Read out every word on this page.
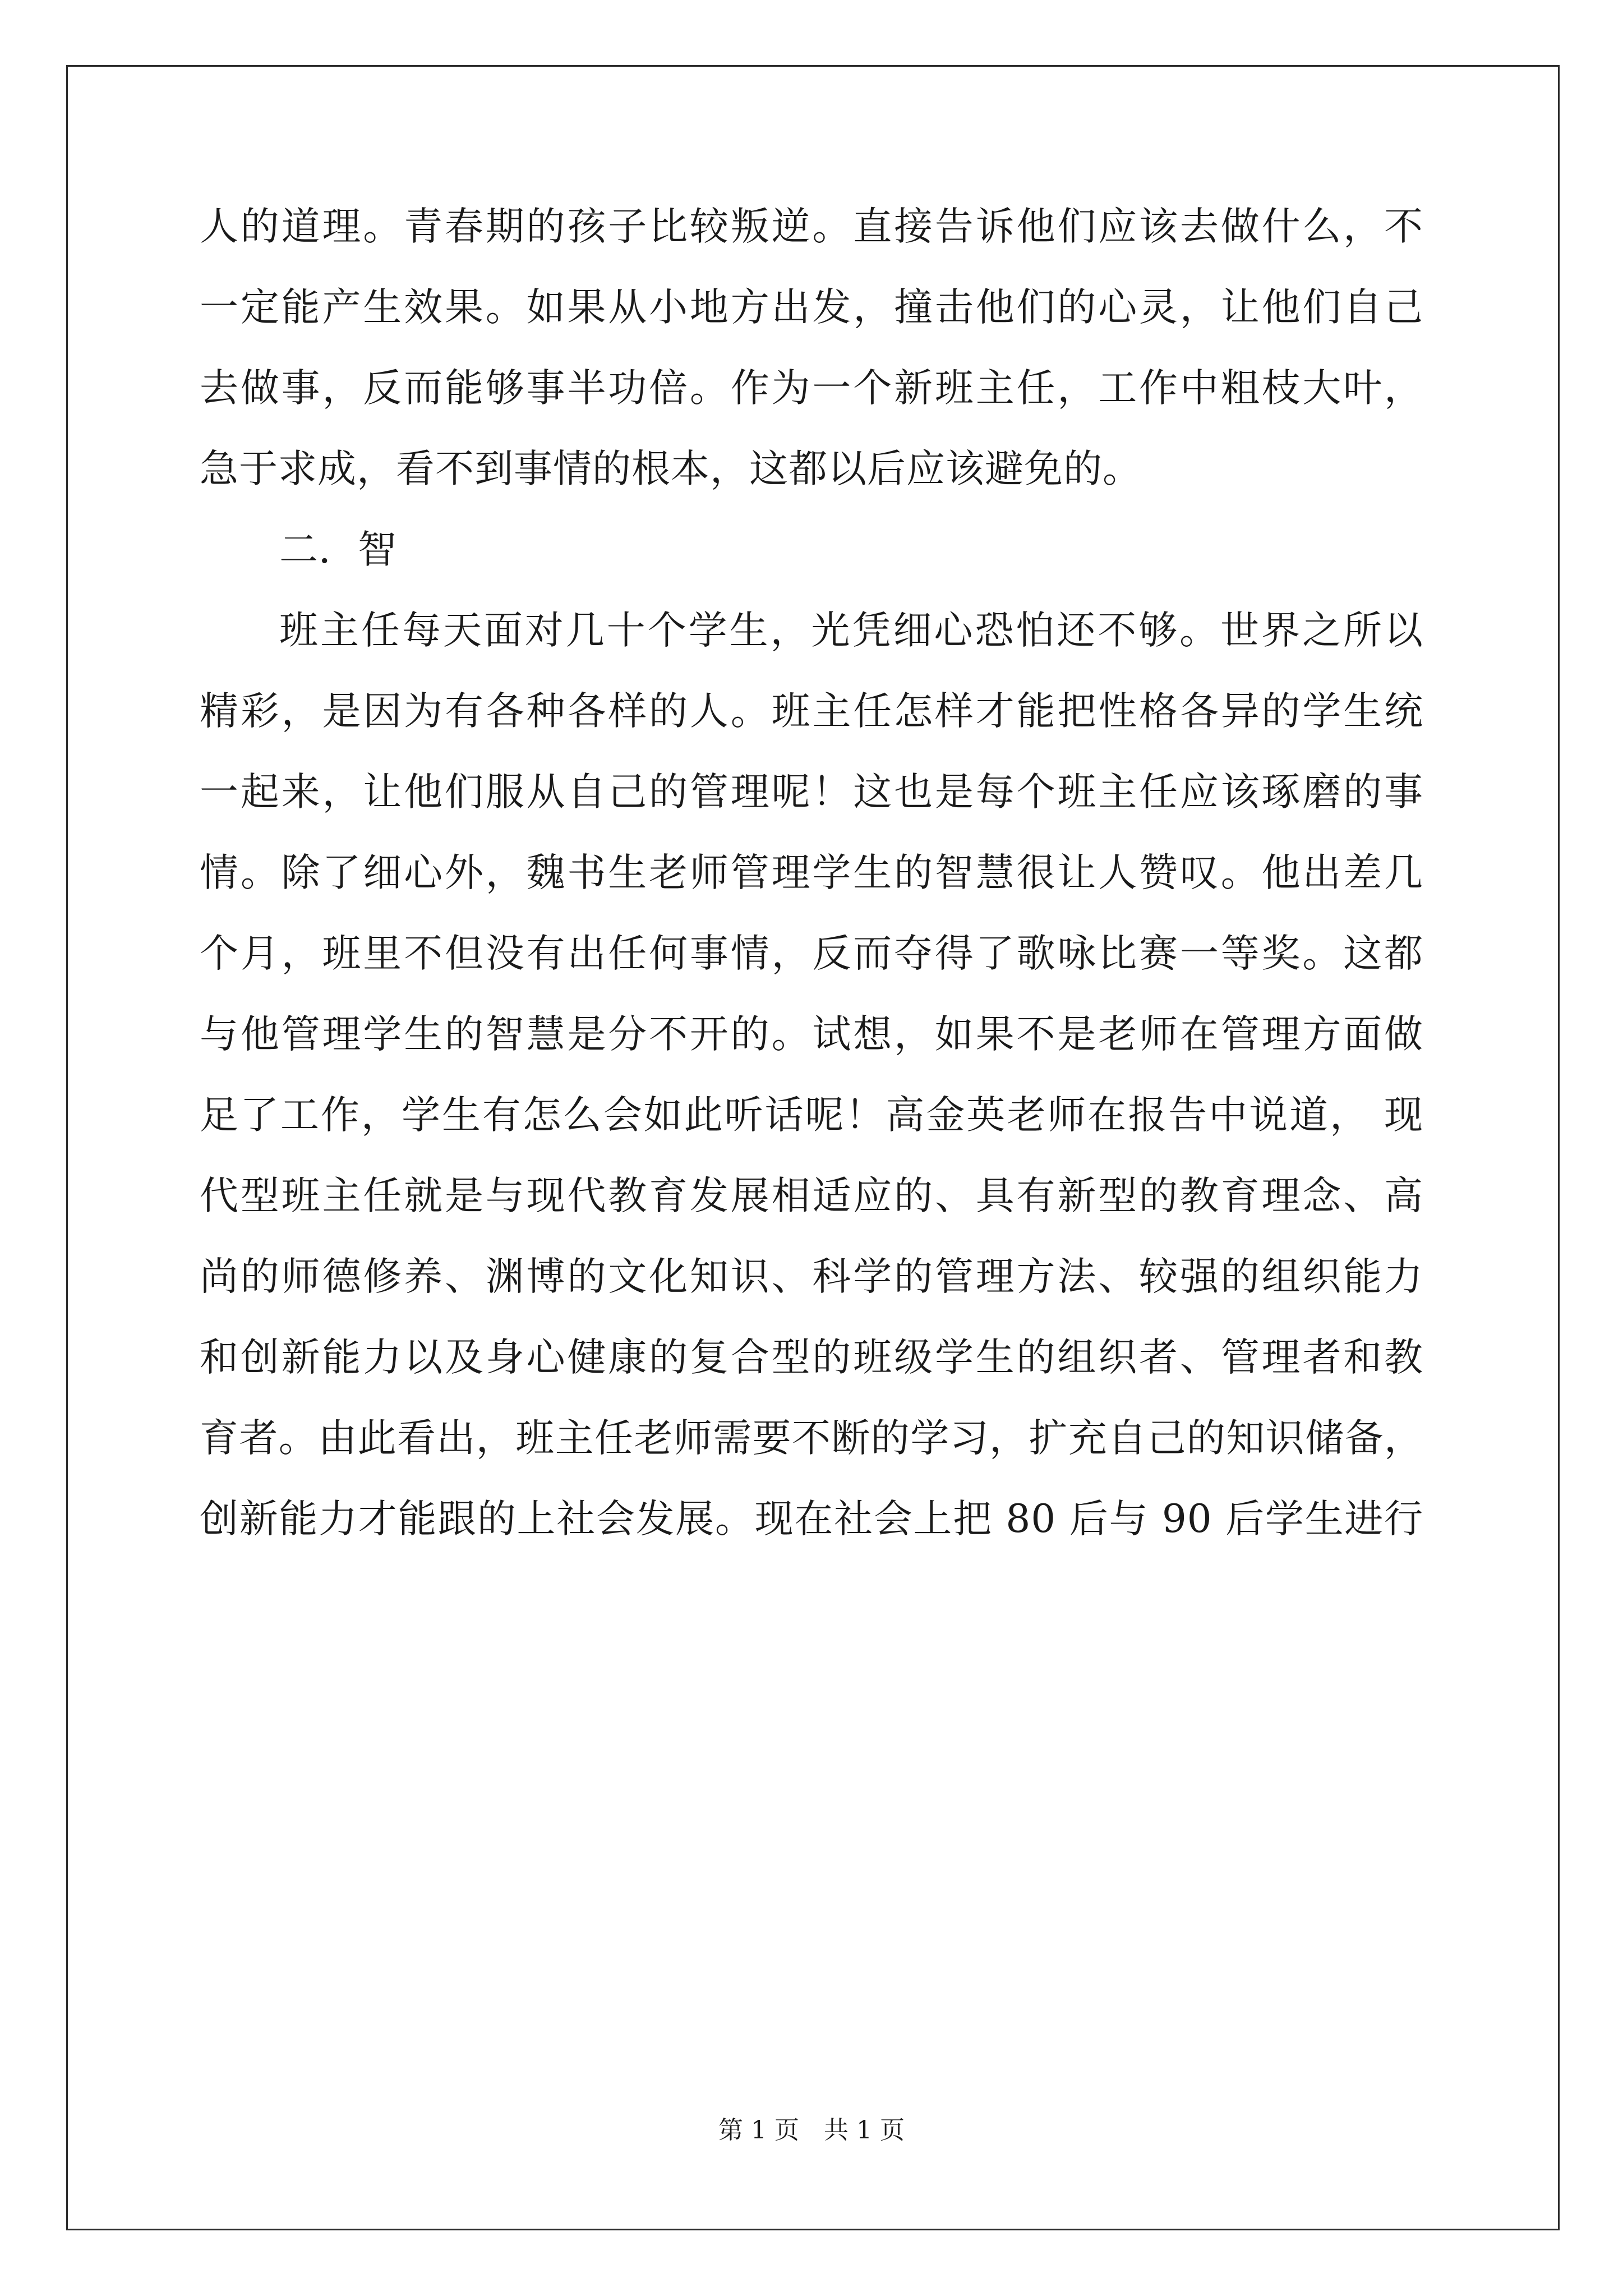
人的道理。青春期的孩子比较叛逆。直接告诉他们应该去做什么，不
一定能产生效果。如果从小地方出发，撞击他们的心灵，让他们自己
去做事，反而能够事半功倍。作为一个新班主任，工作中粗枝大叶，
急于求成，看不到事情的根本，这都以后应该避免的。
二．智
班主任每天面对几十个学生，光凭细心恐怕还不够。世界之所以
精彩，是因为有各种各样的人。班主任怎样才能把性格各异的学生统
一起来，让他们服从自己的管理呢！这也是每个班主任应该琢磨的事
情。除了细心外，魏书生老师管理学生的智慧很让人赞叹。他出差几
个月，班里不但没有出任何事情，反而夺得了歌咏比赛一等奖。这都
与他管理学生的智慧是分不开的。试想，如果不是老师在管理方面做
足了工作，学生有怎么会如此听话呢！高金英老师在报告中说道， 现
代型班主任就是与现代教育发展相适应的、具有新型的教育理念、高
尚的师德修养、渊博的文化知识、科学的管理方法、较强的组织能力
和创新能力以及身心健康的复合型的班级学生的组织者、管理者和教
育者。由此看出，班主任老师需要不断的学习，扩充自己的知识储备，
创新能力才能跟的上社会发展。现在社会上把 80 后与 90 后学生进行
第 1 页　共 1 页
